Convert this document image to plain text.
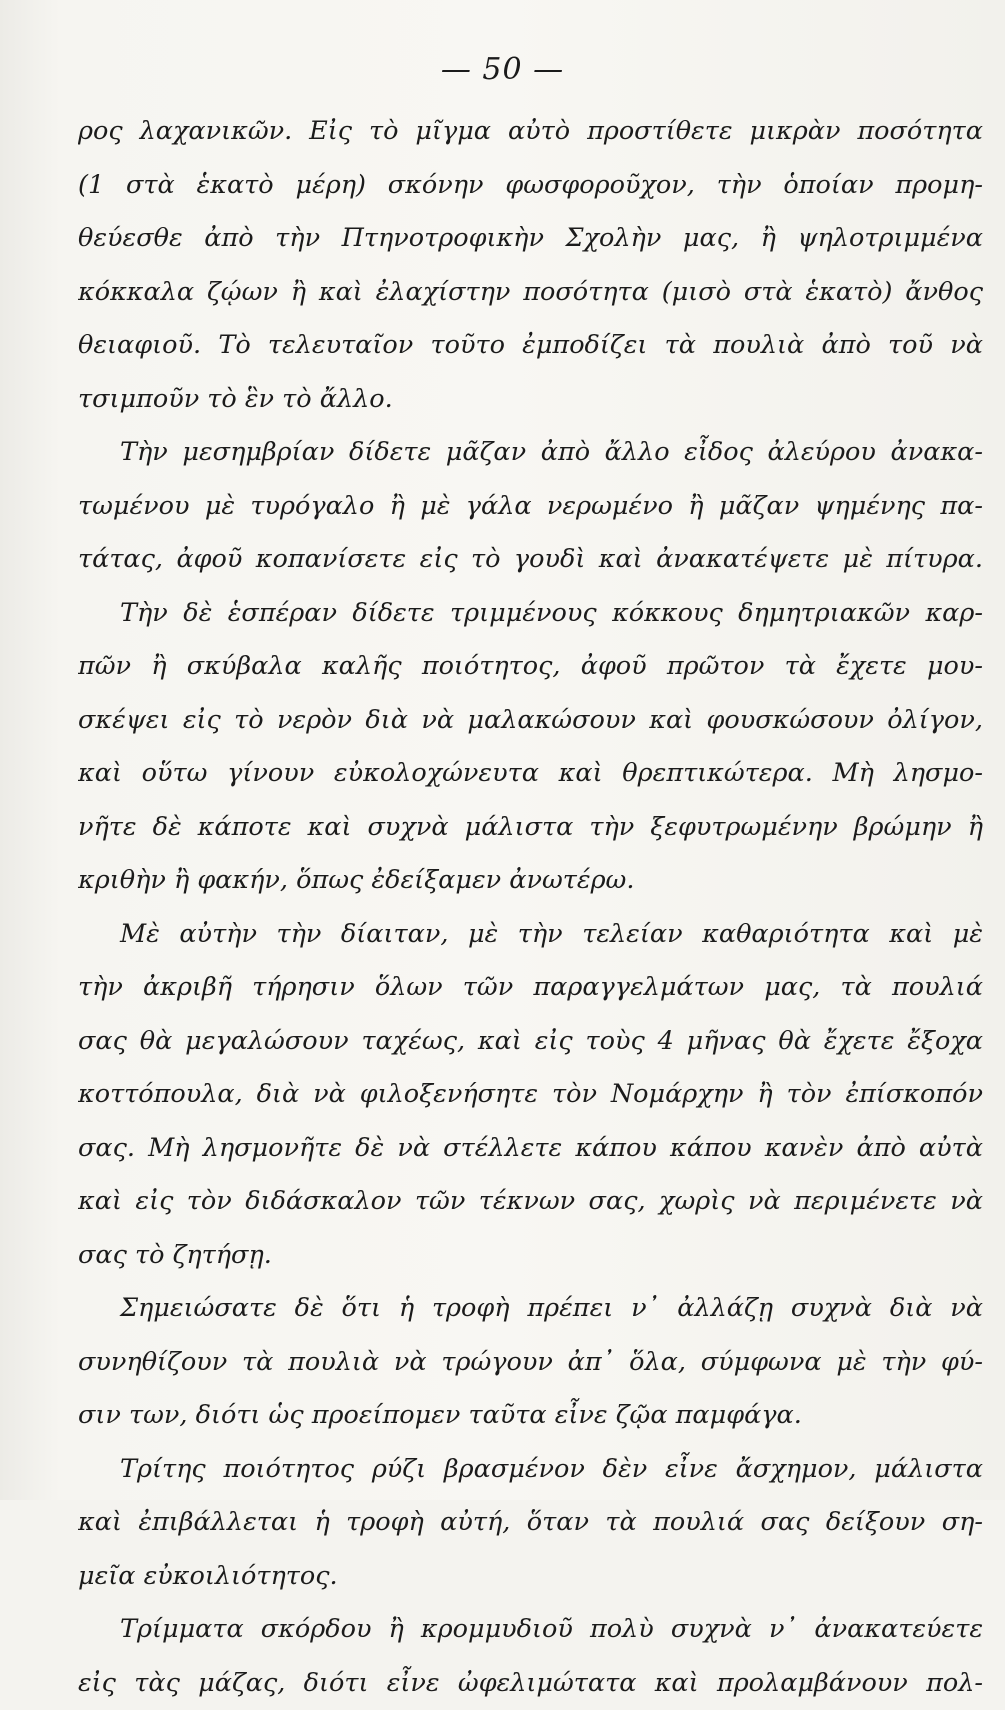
— 50 —
ρος λαχανικῶν. Εἰς τὸ μῖγμα αὐτὸ προστίθετε μικρὰν ποσότητα
(1 στὰ ἑκατὸ μέρη) σκόνην φωσφοροῦχον, τὴν ὁποίαν προμη-
θεύεσθε ἀπὸ τὴν Πτηνοτροφικὴν Σχολὴν μας, ἢ ψηλοτριμμένα
κόκκαλα ζῴων ἢ καὶ ἐλαχίστην ποσότητα (μισὸ στὰ ἑκατὸ) ἄνθος
θειαφιοῦ. Τὸ τελευταῖον τοῦτο ἐμποδίζει τὰ πουλιὰ ἀπὸ τοῦ νὰ
τσιμποῦν τὸ ἓν τὸ ἄλλο.
Τὴν μεσημβρίαν δίδετε μᾶζαν ἀπὸ ἄλλο εἶδος ἀλεύρου ἀνακα-
τωμένου μὲ τυρόγαλο ἢ μὲ γάλα νερωμένο ἢ μᾶζαν ψημένης πα-
τάτας, ἀφοῦ κοπανίσετε εἰς τὸ γουδὶ καὶ ἀνακατέψετε μὲ πίτυρα.
Τὴν δὲ ἑσπέραν δίδετε τριμμένους κόκκους δημητριακῶν καρ-
πῶν ἢ σκύβαλα καλῆς ποιότητος, ἀφοῦ πρῶτον τὰ ἔχετε μου-
σκέψει εἰς τὸ νερὸν διὰ νὰ μαλακώσουν καὶ φουσκώσουν ὀλίγον,
καὶ οὕτω γίνουν εὐκολοχώνευτα καὶ θρεπτικώτερα. Μὴ λησμο-
νῆτε δὲ κάποτε καὶ συχνὰ μάλιστα τὴν ξεφυτρωμένην βρώμην ἢ
κριθὴν ἢ φακήν, ὅπως ἐδείξαμεν ἀνωτέρω.
Μὲ αὐτὴν τὴν δίαιταν, μὲ τὴν τελείαν καθαριότητα καὶ μὲ
τὴν ἀκριβῆ τήρησιν ὅλων τῶν παραγγελμάτων μας, τὰ πουλιά
σας θὰ μεγαλώσουν ταχέως, καὶ εἰς τοὺς 4 μῆνας θὰ ἔχετε ἔξοχα
κοττόπουλα, διὰ νὰ φιλοξενήσητε τὸν Νομάρχην ἢ τὸν ἐπίσκοπόν
σας. Μὴ λησμονῆτε δὲ νὰ στέλλετε κάπου κάπου κανὲν ἀπὸ αὐτὰ
καὶ εἰς τὸν διδάσκαλον τῶν τέκνων σας, χωρὶς νὰ περιμένετε νὰ
σας τὸ ζητήσῃ.
Σημειώσατε δὲ ὅτι ἡ τροφὴ πρέπει ν᾽ ἀλλάζῃ συχνὰ διὰ νὰ
συνηθίζουν τὰ πουλιὰ νὰ τρώγουν ἀπ᾽ ὅλα, σύμφωνα μὲ τὴν φύ-
σιν των, διότι ὡς προείπομεν ταῦτα εἶνε ζῷα παμφάγα.
Τρίτης ποιότητος ρύζι βρασμένον δὲν εἶνε ἄσχημον, μάλιστα
καὶ ἐπιβάλλεται ἡ τροφὴ αὐτή, ὅταν τὰ πουλιά σας δείξουν ση-
μεῖα εὐκοιλιότητος.
Τρίμματα σκόρδου ἢ κρομμυδιοῦ πολὺ συχνὰ ν᾽ ἀνακατεύετε
εἰς τὰς μάζας, διότι εἶνε ὠφελιμώτατα καὶ προλαμβάνουν πολ-
